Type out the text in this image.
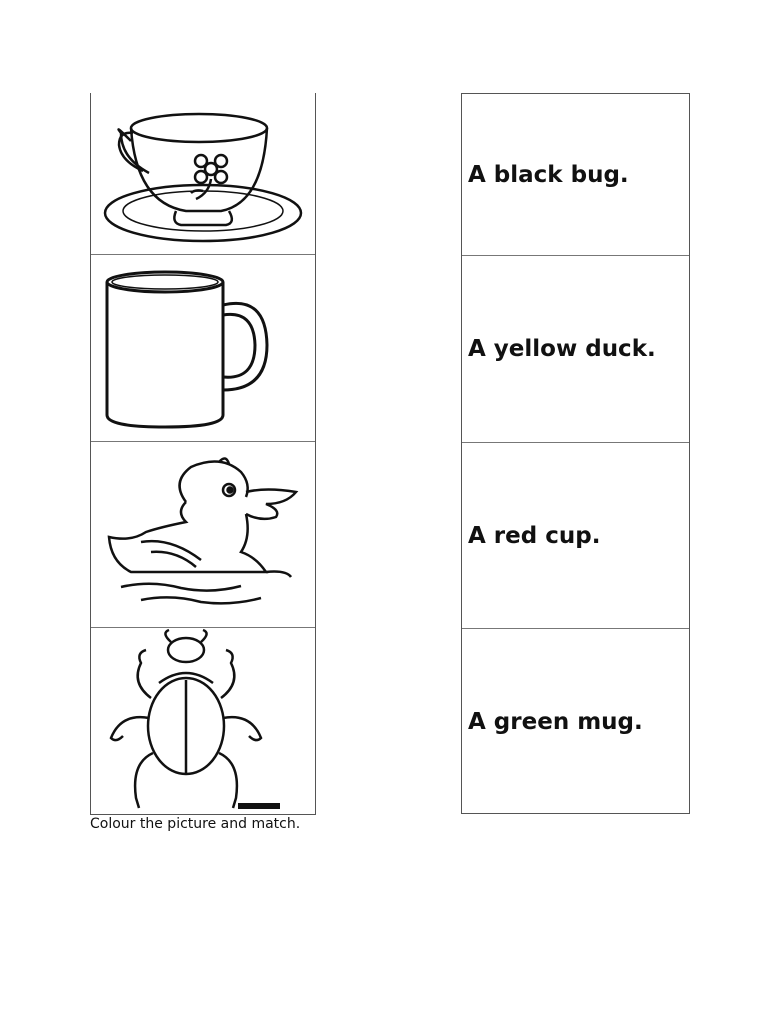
A black bug.
A yellow duck.
A red cup.
A green mug.
Colour the picture and match.
